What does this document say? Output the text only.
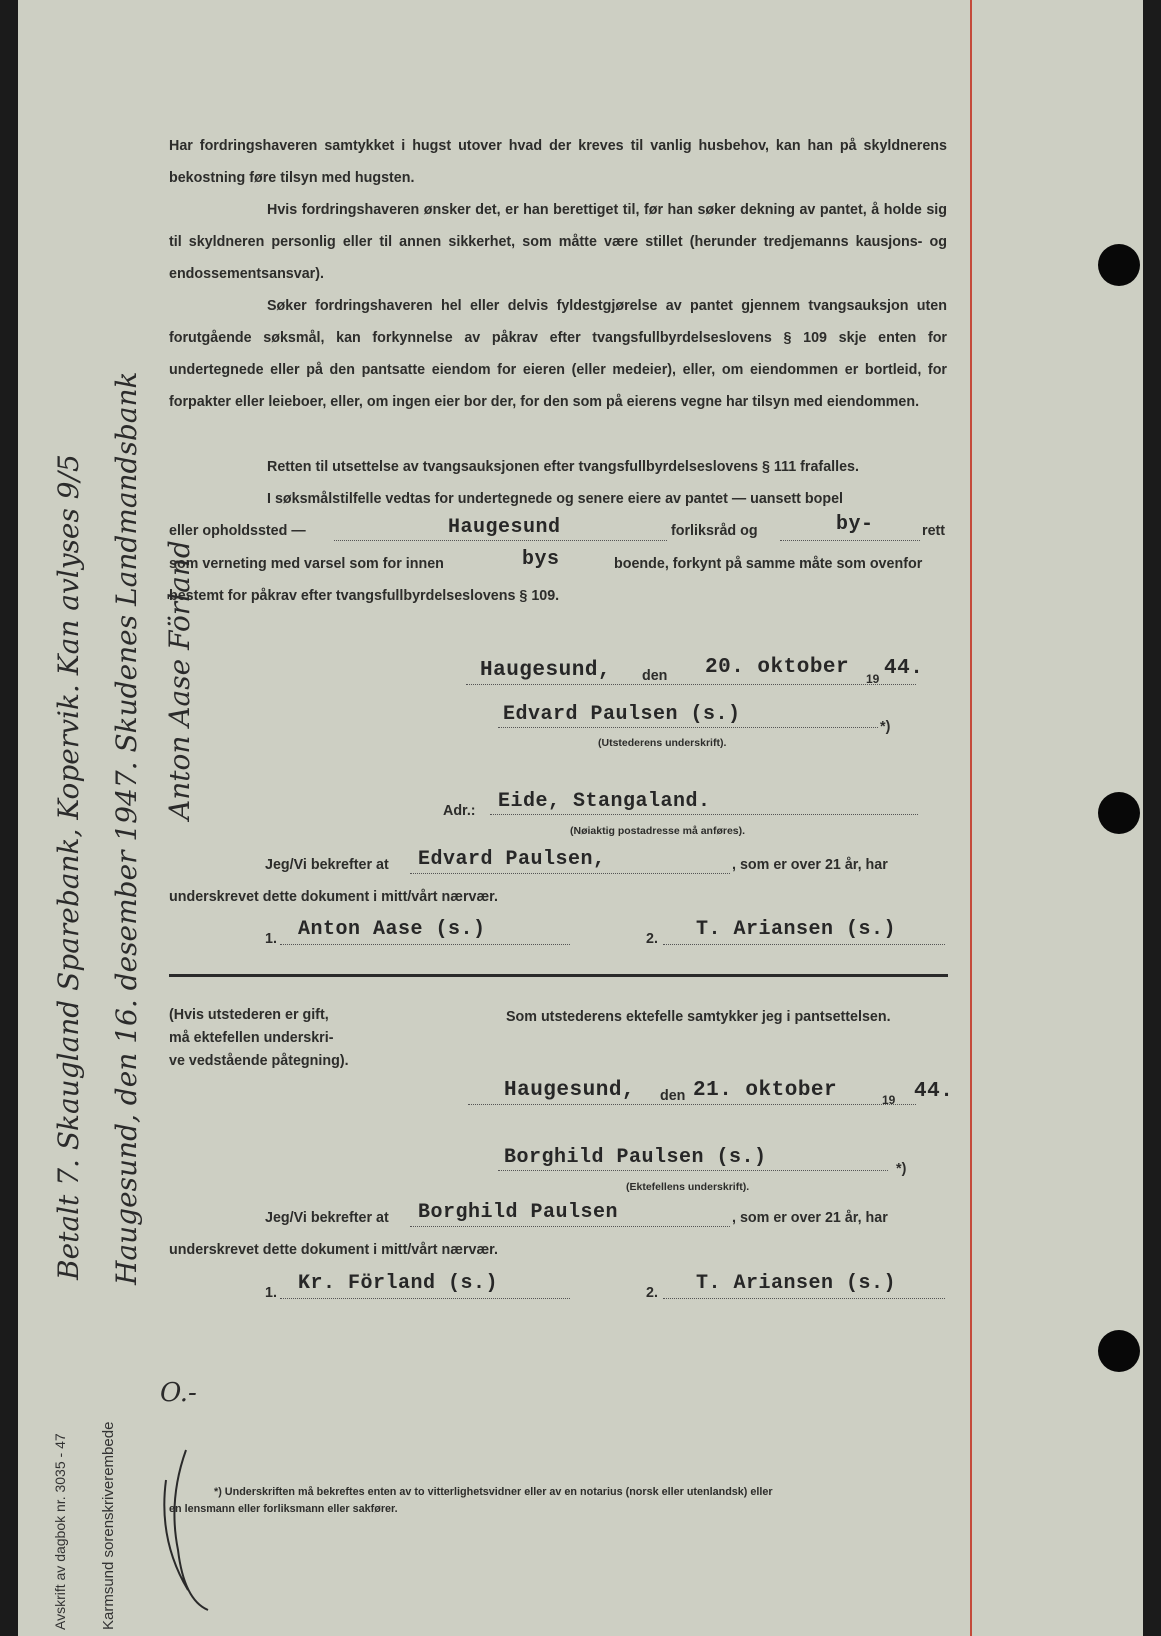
Har fordringshaveren samtykket i hugst utover hvad der kreves til vanlig husbehov, kan han på skyldnerens bekostning føre tilsyn med hugsten.

Hvis fordringshaveren ønsker det, er han berettiget til, før han søker dekning av pantet, å holde sig til skyldneren personlig eller til annen sikkerhet, som måtte være stillet (herunder tredjemanns kausjons- og endossementsansvar).

Søker fordringshaveren hel eller delvis fyldestgjørelse av pantet gjennem tvangsauksjon uten forutgående søksmål, kan forkynnelse av påkrav efter tvangsfullbyrdelseslovens § 109 skje enten for undertegnede eller på den pantsatte eiendom for eieren (eller medeier), eller, om eiendommen er bortleid, for forpakter eller leieboer, eller, om ingen eier bor der, for den som på eierens vegne har tilsyn med eiendommen.

Retten til utsettelse av tvangsauksjonen efter tvangsfullbyrdelseslovens § 111 frafalles.

I søksmålstilfelle vedtas for undertegnede og senere eiere av pantet — uansett bopel

eller opholdssted —	Haugesund	forliksråd og	by-	rett
som verneting med varsel som for innen	bys	boende, forkynt på samme måte som ovenfor
bestemt for påkrav efter tvangsfullbyrdelseslovens § 109.
Haugesund, den 20. oktober 19 44.
Edvard Paulsen (s.)
*)
(Utstederens underskrift).
Adr.: Eide, Stangaland.
(Nøiaktig postadresse må anføres).
Jeg/Vi bekrefter at Edvard Paulsen,	, som er over 21 år, har
underskrevet dette dokument i mitt/vårt nærvær.
1. Anton Aase (s.)	2. T. Ariansen (s.)
(Hvis utstederen er gift,
må ektefellen underskri-
ve vedstående påtegning).
Som utstederens ektefelle samtykker jeg i pantsettelsen.
Haugesund, den 21. oktober	19 44.
Borghild Paulsen (s.)	*)
(Ektefellens underskrift).
Jeg/Vi bekrefter at Borghild Paulsen	, som er over 21 år, har
underskrevet dette dokument i mitt/vårt nærvær.
1. Kr. Förland (s.)	2. T. Ariansen (s.)
*) Underskriften må bekreftes enten av to vitterlighetsvidner eller av en notarius (norsk eller utenlandsk) eller
en lensmann eller forliksmann eller sakfører.
Betalt 7. Skaugland Sparebank, Kopervik. Kan avlyses 9/5 Haugesund, den 16. desember 1947. Skudenes Landmandsbank Anton Aase Förland
Avskrift av dagbok nr. 3035 - 47 Karmsund sorenskriverembede
O.-
